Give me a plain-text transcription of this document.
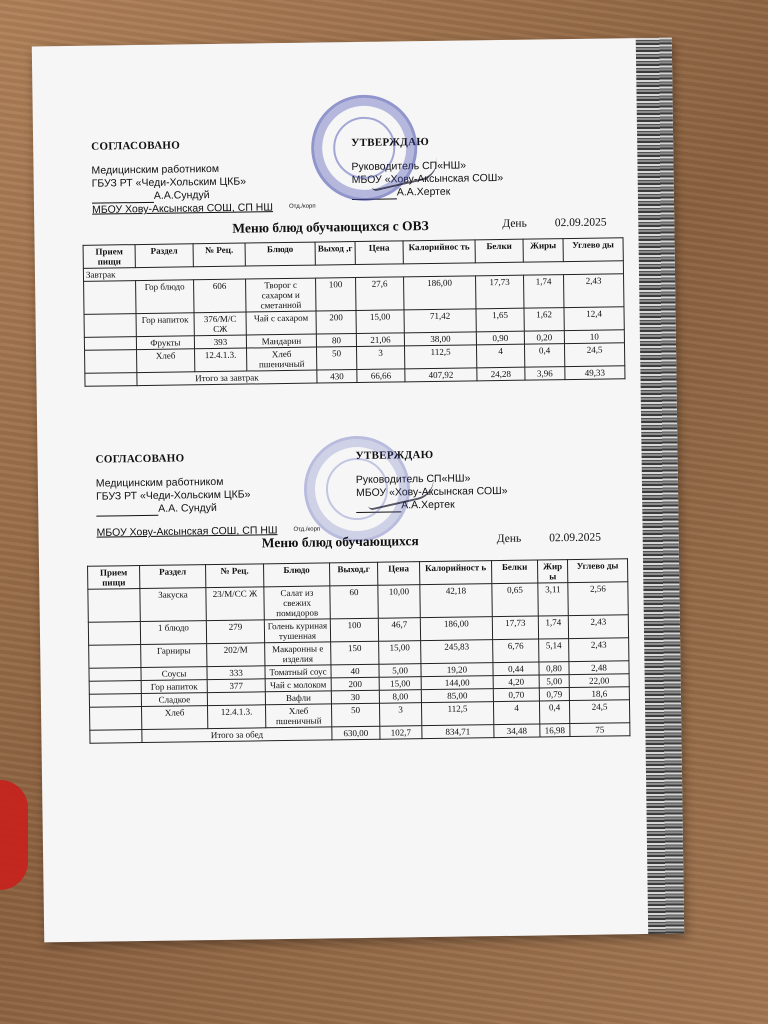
СОГЛАСОВАНО
Медицинским работником
ГБУЗ РТ «Чеди-Хольским ЦКБ»
А.А.Сундуй
МБОУ Хову-Аксынская СОШ, СП НШ	Отд./корп
УТВЕРЖДАЮ
Руководитель СП«НШ»
МБОУ «Хову-Аксынская СОШ»
А.А.Хертек
Меню блюд обучающихся с ОВЗ	День 02.09.2025
Прием пищи	Раздел	№ Рец.	Блюдо	Выход ,г	Цена	Калорийнос ть	Белки	Жиры	Углево ды
Завтрак									
	Гор блюдо	606	Творог с сахаром и сметанной	100	27,6	186,00	17,73	1,74	2,43
	Гор напиток	376/М/С СЖ	Чай с сахаром	200	15,00	71,42	1,65	1,62	12,4
	Фрукты	393	Мандарин	80	21,06	38,00	0,90	0,20	10
	Хлеб	12.4.1.3.	Хлеб пшеничный	50	3	112,5	4	0,4	24,5
	Итого за завтрак			430	66,66	407,92	24,28	3,96	49,33
СОГЛАСОВАНО
Медицинским работником
ГБУЗ РТ «Чеди-Хольским ЦКБ»
А.А. Сундуй
МБОУ Хову-Аксынская СОШ, СП НШ	Отд./корп
УТВЕРЖДАЮ
Руководитель СП«НШ»
МБОУ «Хову-Аксынская СОШ»
А.А.Хертек
Меню блюд обучающихся	День 02.09.2025
Прием пищи	Раздел	№ Рец.	Блюдо	Выход,г	Цена	Калорийност ь	Белки	Жир ы	Углево ды
	Закуска	23/М/СС Ж	Салат из свежих помидоров	60	10,00	42,18	0,65	3,11	2,56
	1 блюдо	279	Голень куриная тушенная	100	46,7	186,00	17,73	1,74	2,43
	Гарниры	202/М	Макаронны е изделия	150	15,00	245,83	6,76	5,14	2,43
	Соусы	333	Томатный соус	40	5,00	19,20	0,44	0,80	2,48
	Гор напиток	377	Чай с молоком	200	15,00	144,00	4,20	5,00	22,00
	Сладкое		Вафли	30	8,00	85,00	0,70	0,79	18,6
	Хлеб	12.4.1.3.	Хлеб пшеничный	50	3	112,5	4	0,4	24,5
	Итого за обед			630,00	102,7	834,71	34,48	16,98	75
